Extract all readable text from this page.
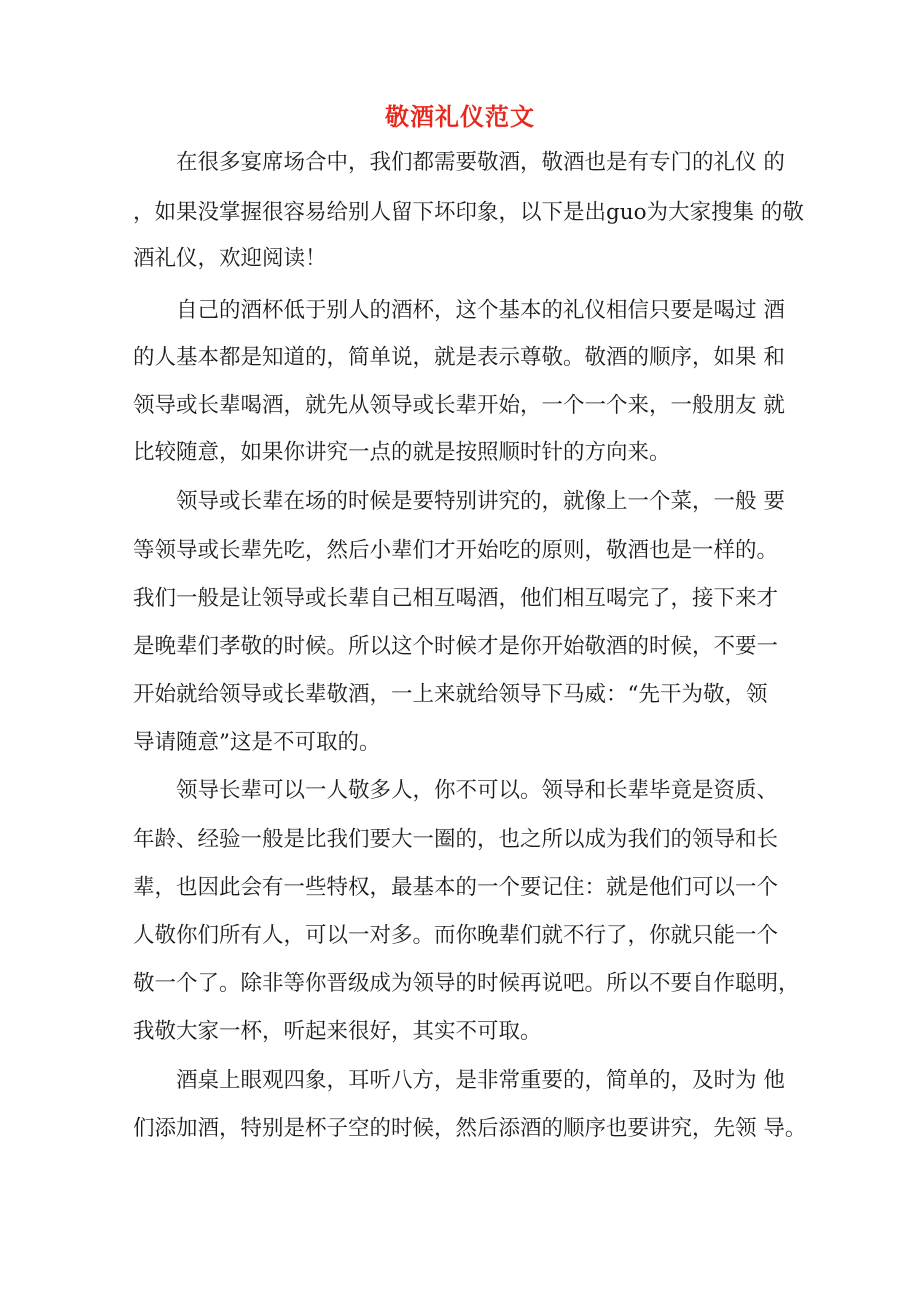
敬酒礼仪范文
　　在很多宴席场合中，我们都需要敬酒，敬酒也是有专门的礼仪 的
，如果没掌握很容易给别人留下坏印象，以下是出guo为大家搜集 的敬
酒礼仪，欢迎阅读！
　　自己的酒杯低于别人的酒杯，这个基本的礼仪相信只要是喝过 酒
的人基本都是知道的，简单说，就是表示尊敬。敬酒的顺序，如果 和
领导或长辈喝酒，就先从领导或长辈开始，一个一个来，一般朋友 就
比较随意，如果你讲究一点的就是按照顺时针的方向来。
　　领导或长辈在场的时候是要特别讲究的，就像上一个菜，一般 要
等领导或长辈先吃，然后小辈们才开始吃的原则，敬酒也是一样的。
我们一般是让领导或长辈自己相互喝酒，他们相互喝完了，接下来才
是晚辈们孝敬的时候。所以这个时候才是你开始敬酒的时候，不要一
开始就给领导或长辈敬酒，一上来就给领导下马威：“先干为敬，领
导请随意”这是不可取的。
　　领导长辈可以一人敬多人，你不可以。领导和长辈毕竟是资质、
年龄、经验一般是比我们要大一圈的，也之所以成为我们的领导和长
辈，也因此会有一些特权，最基本的一个要记住：就是他们可以一个
人敬你们所有人，可以一对多。而你晚辈们就不行了，你就只能一个
敬一个了。除非等你晋级成为领导的时候再说吧。所以不要自作聪明，
我敬大家一杯，听起来很好，其实不可取。
　　酒桌上眼观四象，耳听八方，是非常重要的，简单的，及时为 他
们添加酒，特别是杯子空的时候，然后添酒的顺序也要讲究，先领 导。
